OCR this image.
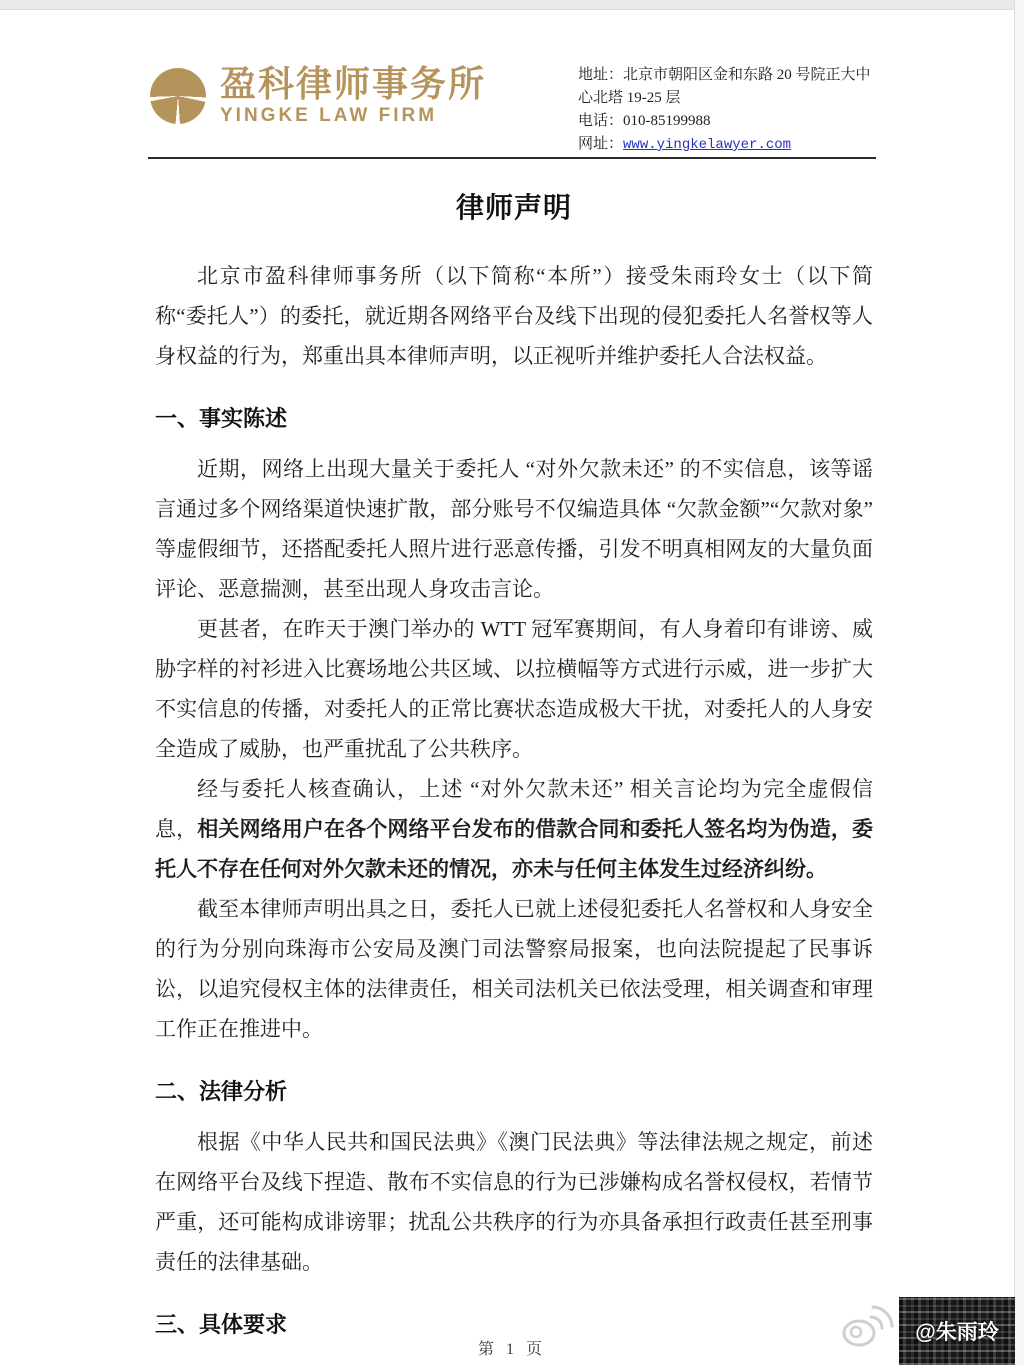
盈科律师事务所
YINGKE LAW FIRM
地址：北京市朝阳区金和东路 20 号院正大中心北塔 19-25 层
电话：010-85199988
网址：www.yingkelawyer.com
律师声明

北京市盈科律师事务所（以下简称“本所”）接受朱雨玲女士（以下简称“委托人”）的委托，就近期各网络平台及线下出现的侵犯委托人名誉权等人身权益的行为，郑重出具本律师声明，以正视听并维护委托人合法权益。

一、事实陈述

近期，网络上出现大量关于委托人 “对外欠款未还” 的不实信息，该等谣言通过多个网络渠道快速扩散，部分账号不仅编造具体 “欠款金额”“欠款对象” 等虚假细节，还搭配委托人照片进行恶意传播，引发不明真相网友的大量负面评论、恶意揣测，甚至出现人身攻击言论。

更甚者，在昨天于澳门举办的 WTT 冠军赛期间，有人身着印有诽谤、威胁字样的衬衫进入比赛场地公共区域、以拉横幅等方式进行示威，进一步扩大不实信息的传播，对委托人的正常比赛状态造成极大干扰，对委托人的人身安全造成了威胁，也严重扰乱了公共秩序。

经与委托人核查确认，上述 “对外欠款未还” 相关言论均为完全虚假信息，相关网络用户在各个网络平台发布的借款合同和委托人签名均为伪造，委托人不存在任何对外欠款未还的情况，亦未与任何主体发生过经济纠纷。

截至本律师声明出具之日，委托人已就上述侵犯委托人名誉权和人身安全的行为分别向珠海市公安局及澳门司法警察局报案，也向法院提起了民事诉讼，以追究侵权主体的法律责任，相关司法机关已依法受理，相关调查和审理工作正在推进中。

二、法律分析

根据《中华人民共和国民法典》《澳门民法典》等法律法规之规定，前述在网络平台及线下捏造、散布不实信息的行为已涉嫌构成名誉权侵权，若情节严重，还可能构成诽谤罪；扰乱公共秩序的行为亦具备承担行政责任甚至刑事责任的法律基础。

三、具体要求
第 1 页
@朱雨玲
